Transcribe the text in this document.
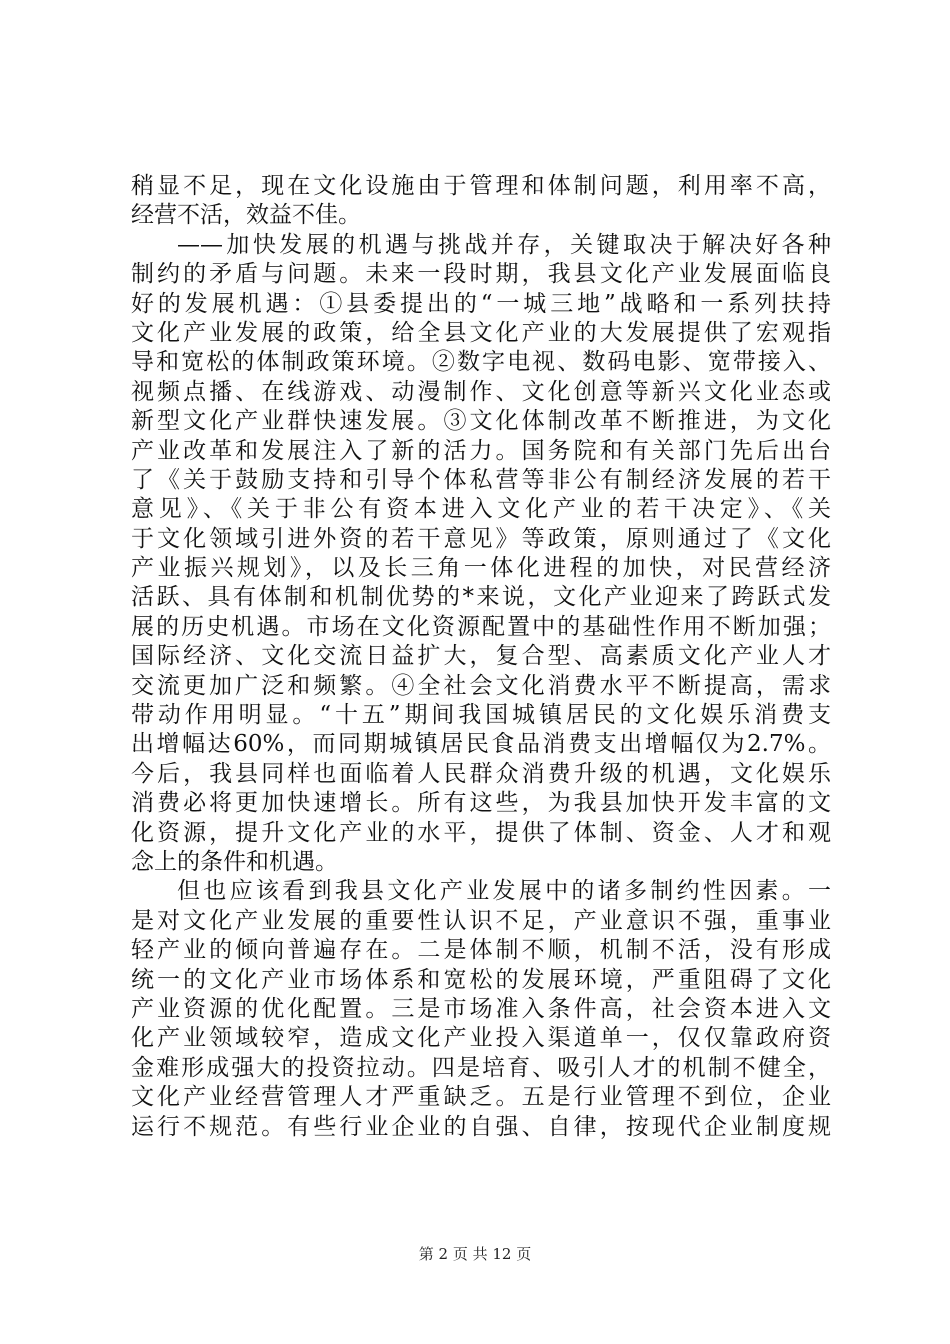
稍显不足，现在文化设施由于管理和体制问题，利用率不高，
经营不活，效益不佳。
——加快发展的机遇与挑战并存，关键取决于解决好各种
制约的矛盾与问题。未来一段时期，我县文化产业发展面临良
好的发展机遇：①县委提出的“一城三地”战略和一系列扶持
文化产业发展的政策，给全县文化产业的大发展提供了宏观指
导和宽松的体制政策环境。②数字电视、数码电影、宽带接入、
视频点播、在线游戏、动漫制作、文化创意等新兴文化业态或
新型文化产业群快速发展。③文化体制改革不断推进，为文化
产业改革和发展注入了新的活力。国务院和有关部门先后出台
了《关于鼓励支持和引导个体私营等非公有制经济发展的若干
意见》、《关于非公有资本进入文化产业的若干决定》、《关
于文化领域引进外资的若干意见》等政策，原则通过了《文化
产业振兴规划》，以及长三角一体化进程的加快，对民营经济
活跃、具有体制和机制优势的*来说，文化产业迎来了跨跃式发
展的历史机遇。市场在文化资源配置中的基础性作用不断加强；
国际经济、文化交流日益扩大，复合型、高素质文化产业人才
交流更加广泛和频繁。④全社会文化消费水平不断提高，需求
带动作用明显。“十五”期间我国城镇居民的文化娱乐消费支
出增幅达60%，而同期城镇居民食品消费支出增幅仅为2.7%。
今后，我县同样也面临着人民群众消费升级的机遇，文化娱乐
消费必将更加快速增长。所有这些，为我县加快开发丰富的文
化资源，提升文化产业的水平，提供了体制、资金、人才和观
念上的条件和机遇。
但也应该看到我县文化产业发展中的诸多制约性因素。一
是对文化产业发展的重要性认识不足，产业意识不强，重事业
轻产业的倾向普遍存在。二是体制不顺，机制不活，没有形成
统一的文化产业市场体系和宽松的发展环境，严重阻碍了文化
产业资源的优化配置。三是市场准入条件高，社会资本进入文
化产业领域较窄，造成文化产业投入渠道单一，仅仅靠政府资
金难形成强大的投资拉动。四是培育、吸引人才的机制不健全，
文化产业经营管理人才严重缺乏。五是行业管理不到位，企业
运行不规范。有些行业企业的自强、自律，按现代企业制度规
第 2 页 共 12 页
